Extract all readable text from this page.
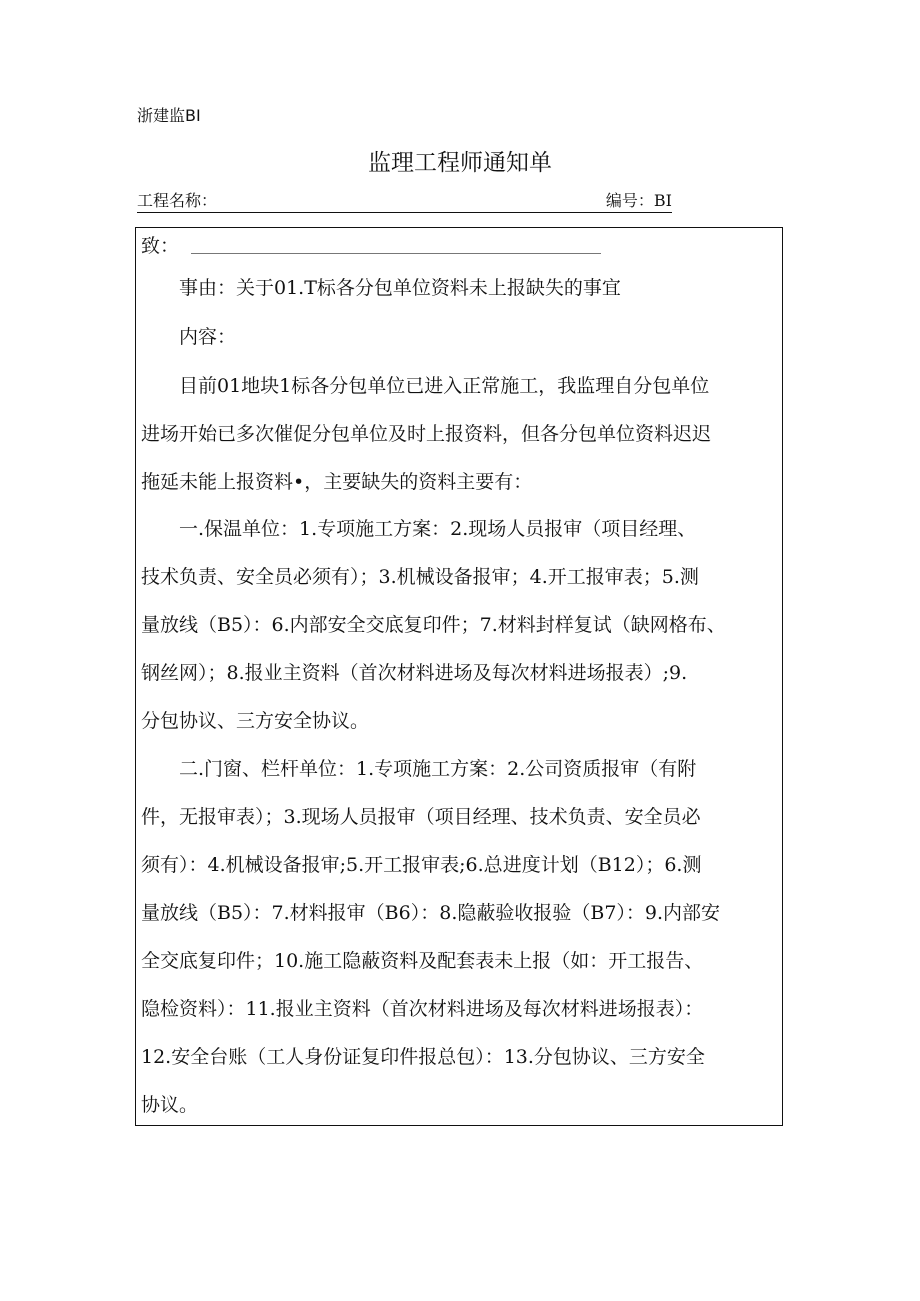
浙建监BI
监理工程师通知单
工程名称：	编号：BI
致：
事由：关于01.T标各分包单位资料未上报缺失的事宜
内容：
目前01地块1标各分包单位已进入正常施工，我监理自分包单位
进场开始已多次催促分包单位及时上报资料，但各分包单位资料迟迟
拖延未能上报资料•，主要缺失的资料主要有：
一.保温单位：1.专项施工方案：2.现场人员报审（项目经理、
技术负责、安全员必须有）；3.机械设备报审；4.开工报审表；5.测
量放线（B5）：6.内部安全交底复印件；7.材料封样复试（缺网格布、
钢丝网）；8.报业主资料（首次材料进场及每次材料进场报表）;9.
分包协议、三方安全协议。
二.门窗、栏杆单位：1.专项施工方案：2.公司资质报审（有附
件，无报审表）；3.现场人员报审（项目经理、技术负责、安全员必
须有）：4.机械设备报审;5.开工报审表;6.总进度计划（B12）；6.测
量放线（B5）：7.材料报审（B6）：8.隐蔽验收报验（B7）：9.内部安
全交底复印件；10.施工隐蔽资料及配套表未上报（如：开工报告、
隐检资料）：11.报业主资料（首次材料进场及每次材料进场报表）：
12.安全台账（工人身份证复印件报总包）：13.分包协议、三方安全
协议。
